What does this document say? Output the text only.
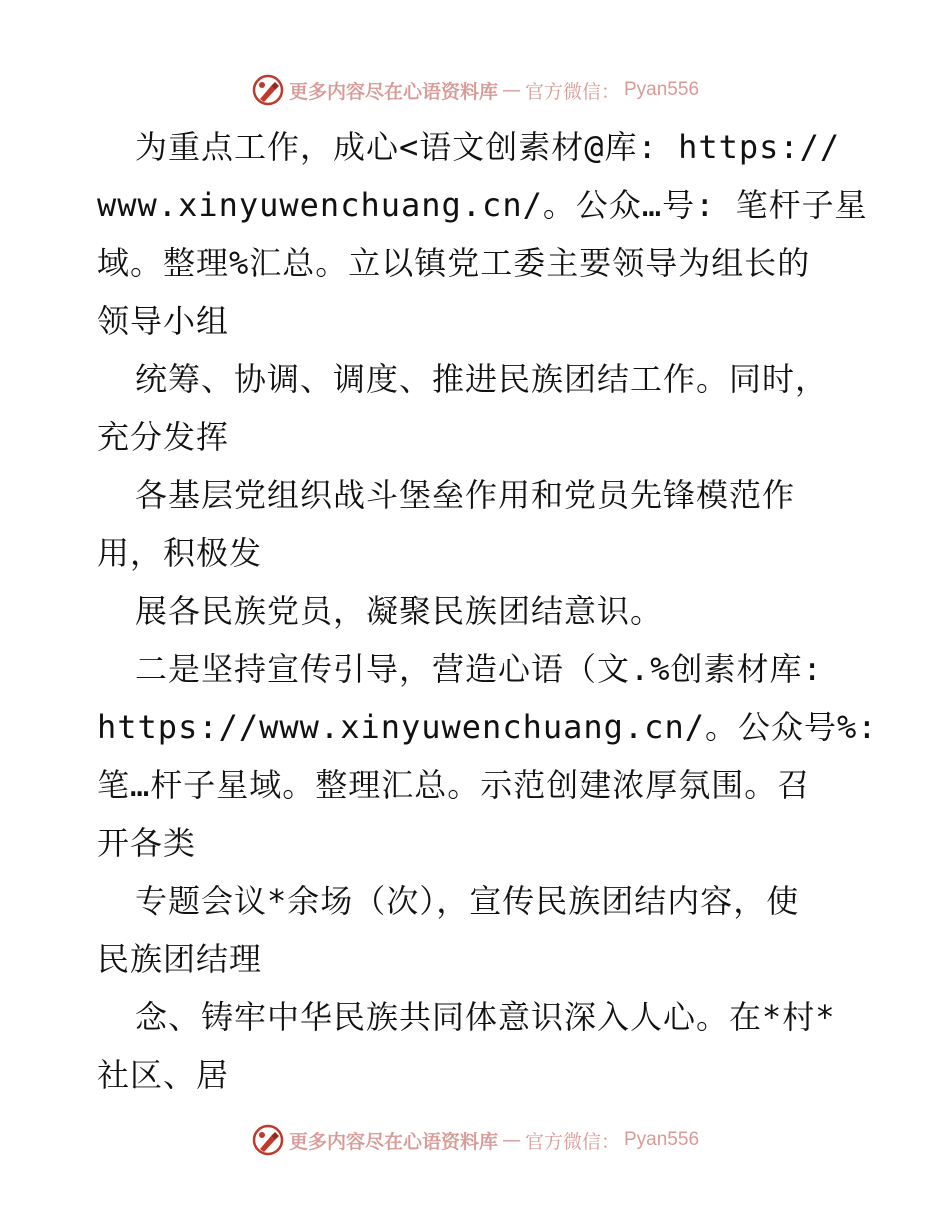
更多内容尽在心语资料库 — 官方微信： Pyan556
为重点工作，成心<语文创素材@库: https://
www.xinyuwenchuang.cn/。公众…号: 笔杆子星
域。整理%汇总。立以镇党工委主要领导为组长的
领导小组
统筹、协调、调度、推进民族团结工作。同时，
充分发挥
各基层党组织战斗堡垒作用和党员先锋模范作
用，积极发
展各民族党员，凝聚民族团结意识。
二是坚持宣传引导，营造心语（文.%创素材库:
https://www.xinyuwenchuang.cn/。公众号%:
笔…杆子星域。整理汇总。示范创建浓厚氛围。召
开各类
专题会议*余场（次），宣传民族团结内容，使
民族团结理
念、铸牢中华民族共同体意识深入人心。在*村*
社区、居
更多内容尽在心语资料库 — 官方微信： Pyan556
